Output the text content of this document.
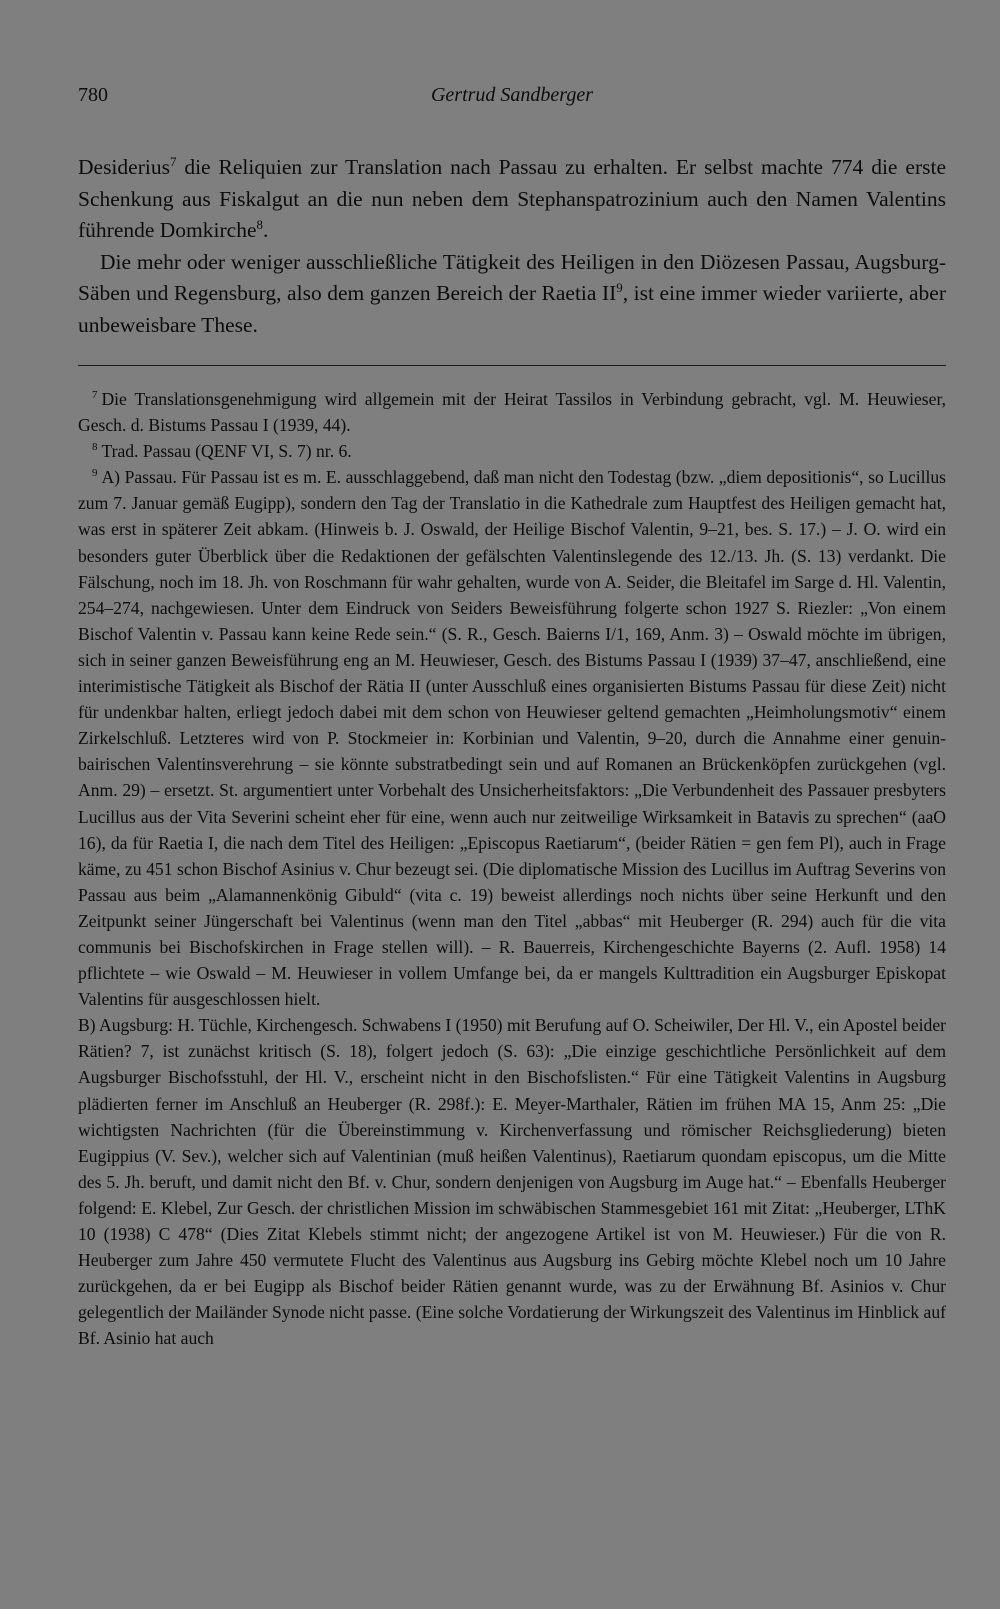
780	Gertrud Sandberger

Desiderius$^7$ die Reliquien zur Translation nach Passau zu erhalten. Er selbst machte 774 die erste Schenkung aus Fiskalgut an die nun neben dem Stephanspatrozinium auch den Namen Valentins führende Domkirche$^8$.

Die mehr oder weniger ausschließliche Tätigkeit des Heiligen in den Diözesen Passau, Augsburg-Säben und Regensburg, also dem ganzen Bereich der Raetia II$^9$, ist eine immer wieder variierte, aber unbeweisbare These.

$^7$ Die Translationsgenehmigung wird allgemein mit der Heirat Tassilos in Verbindung gebracht, vgl. M. Heuwieser, Gesch. d. Bistums Passau I (1939, 44).

$^8$ Trad. Passau (QENF VI, S. 7) nr. 6.

$^9$ A) Passau. Für Passau ist es m. E. ausschlaggebend, daß man nicht den Todestag (bzw. „diem depositionis“, so Lucillus zum 7. Januar gemäß Eugipp), sondern den Tag der Translatio in die Kathedrale zum Hauptfest des Heiligen gemacht hat, was erst in späterer Zeit abkam. (Hinweis b. J. Oswald, der Heilige Bischof Valentin, 9–21, bes. S. 17.) – J. O. wird ein besonders guter Überblick über die Redaktionen der gefälschten Valentinslegende des 12./13. Jh. (S. 13) verdankt. Die Fälschung, noch im 18. Jh. von Roschmann für wahr gehalten, wurde von A. Seider, die Bleitafel im Sarge d. Hl. Valentin, 254–274, nachgewiesen. Unter dem Eindruck von Seiders Beweisführung folgerte schon 1927 S. Riezler: „Von einem Bischof Valentin v. Passau kann keine Rede sein.“ (S. R., Gesch. Baierns I/1, 169, Anm. 3) – Oswald möchte im übrigen, sich in seiner ganzen Beweisführung eng an M. Heuwieser, Gesch. des Bistums Passau I (1939) 37–47, anschließend, eine interimistische Tätigkeit als Bischof der Rätia II (unter Ausschluß eines organisierten Bistums Passau für diese Zeit) nicht für undenkbar halten, erliegt jedoch dabei mit dem schon von Heuwieser geltend gemachten „Heimholungsmotiv“ einem Zirkelschluß. Letzteres wird von P. Stockmeier in: Korbinian und Valentin, 9–20, durch die Annahme einer genuin-bairischen Valentinsverehrung – sie könnte substratbedingt sein und auf Romanen an Brückenköpfen zurückgehen (vgl. Anm. 29) – ersetzt. St. argumentiert unter Vorbehalt des Unsicherheitsfaktors: „Die Verbundenheit des Passauer presbyters Lucillus aus der Vita Severini scheint eher für eine, wenn auch nur zeitweilige Wirksamkeit in Batavis zu sprechen“ (aaO 16), da für Raetia I, die nach dem Titel des Heiligen: „Episcopus Raetiarum“, (beider Rätien = gen fem Pl), auch in Frage käme, zu 451 schon Bischof Asinius v. Chur bezeugt sei. (Die diplomatische Mission des Lucillus im Auftrag Severins von Passau aus beim „Alamannenkönig Gibuld“ (vita c. 19) beweist allerdings noch nichts über seine Herkunft und den Zeitpunkt seiner Jüngerschaft bei Valentinus (wenn man den Titel „abbas“ mit Heuberger (R. 294) auch für die vita communis bei Bischofskirchen in Frage stellen will). – R. Bauerreis, Kirchengeschichte Bayerns (2. Aufl. 1958) 14 pflichtete – wie Oswald – M. Heuwieser in vollem Umfange bei, da er mangels Kulttradition ein Augsburger Episkopat Valentins für ausgeschlossen hielt.

B) Augsburg: H. Tüchle, Kirchengesch. Schwabens I (1950) mit Berufung auf O. Scheiwiler, Der Hl. V., ein Apostel beider Rätien? 7, ist zunächst kritisch (S. 18), folgert jedoch (S. 63): „Die einzige geschichtliche Persönlichkeit auf dem Augsburger Bischofsstuhl, der Hl. V., erscheint nicht in den Bischofslisten.“ Für eine Tätigkeit Valentins in Augsburg plädierten ferner im Anschluß an Heuberger (R. 298f.): E. Meyer-Marthaler, Rätien im frühen MA 15, Anm 25: „Die wichtigsten Nachrichten (für die Übereinstimmung v. Kirchenverfassung und römischer Reichsgliederung) bieten Eugippius (V. Sev.), welcher sich auf Valentinian (muß heißen Valentinus), Raetiarum quondam episcopus, um die Mitte des 5. Jh. beruft, und damit nicht den Bf. v. Chur, sondern denjenigen von Augsburg im Auge hat.“ – Ebenfalls Heuberger folgend: E. Klebel, Zur Gesch. der christlichen Mission im schwäbischen Stammesgebiet 161 mit Zitat: „Heuberger, LThK 10 (1938) C 478“ (Dies Zitat Klebels stimmt nicht; der angezogene Artikel ist von M. Heuwieser.) Für die von R. Heuberger zum Jahre 450 vermutete Flucht des Valentinus aus Augsburg ins Gebirg möchte Klebel noch um 10 Jahre zurückgehen, da er bei Eugipp als Bischof beider Rätien genannt wurde, was zu der Erwähnung Bf. Asinios v. Chur gelegentlich der Mailänder Synode nicht passe. (Eine solche Vordatierung der Wirkungszeit des Valentinus im Hinblick auf Bf. Asinio hat auch
